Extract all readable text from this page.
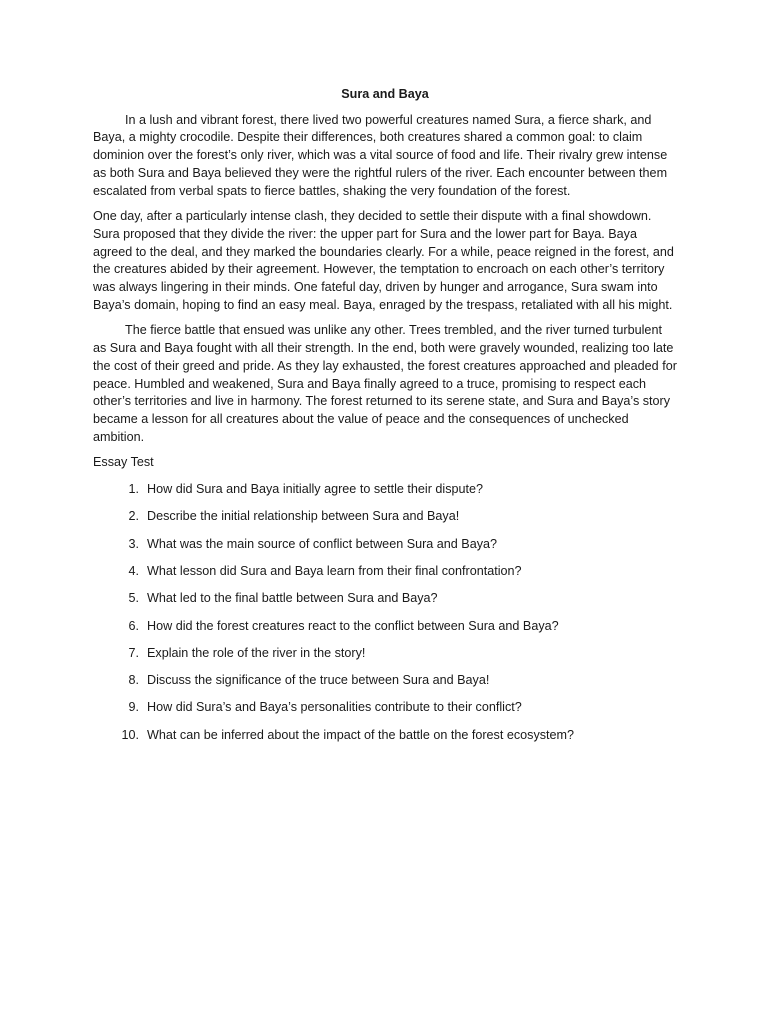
Sura and Baya

In a lush and vibrant forest, there lived two powerful creatures named Sura, a fierce shark, and Baya, a mighty crocodile. Despite their differences, both creatures shared a common goal: to claim dominion over the forest’s only river, which was a vital source of food and life. Their rivalry grew intense as both Sura and Baya believed they were the rightful rulers of the river. Each encounter between them escalated from verbal spats to fierce battles, shaking the very foundation of the forest.

One day, after a particularly intense clash, they decided to settle their dispute with a final showdown. Sura proposed that they divide the river: the upper part for Sura and the lower part for Baya. Baya agreed to the deal, and they marked the boundaries clearly. For a while, peace reigned in the forest, and the creatures abided by their agreement. However, the temptation to encroach on each other’s territory was always lingering in their minds. One fateful day, driven by hunger and arrogance, Sura swam into Baya’s domain, hoping to find an easy meal. Baya, enraged by the trespass, retaliated with all his might.

The fierce battle that ensued was unlike any other. Trees trembled, and the river turned turbulent as Sura and Baya fought with all their strength. In the end, both were gravely wounded, realizing too late the cost of their greed and pride. As they lay exhausted, the forest creatures approached and pleaded for peace. Humbled and weakened, Sura and Baya finally agreed to a truce, promising to respect each other’s territories and live in harmony. The forest returned to its serene state, and Sura and Baya’s story became a lesson for all creatures about the value of peace and the consequences of unchecked ambition.

Essay Test

1. How did Sura and Baya initially agree to settle their dispute?
2. Describe the initial relationship between Sura and Baya!
3. What was the main source of conflict between Sura and Baya?
4. What lesson did Sura and Baya learn from their final confrontation?
5. What led to the final battle between Sura and Baya?
6. How did the forest creatures react to the conflict between Sura and Baya?
7. Explain the role of the river in the story!
8. Discuss the significance of the truce between Sura and Baya!
9. How did Sura’s and Baya’s personalities contribute to their conflict?
10. What can be inferred about the impact of the battle on the forest ecosystem?
